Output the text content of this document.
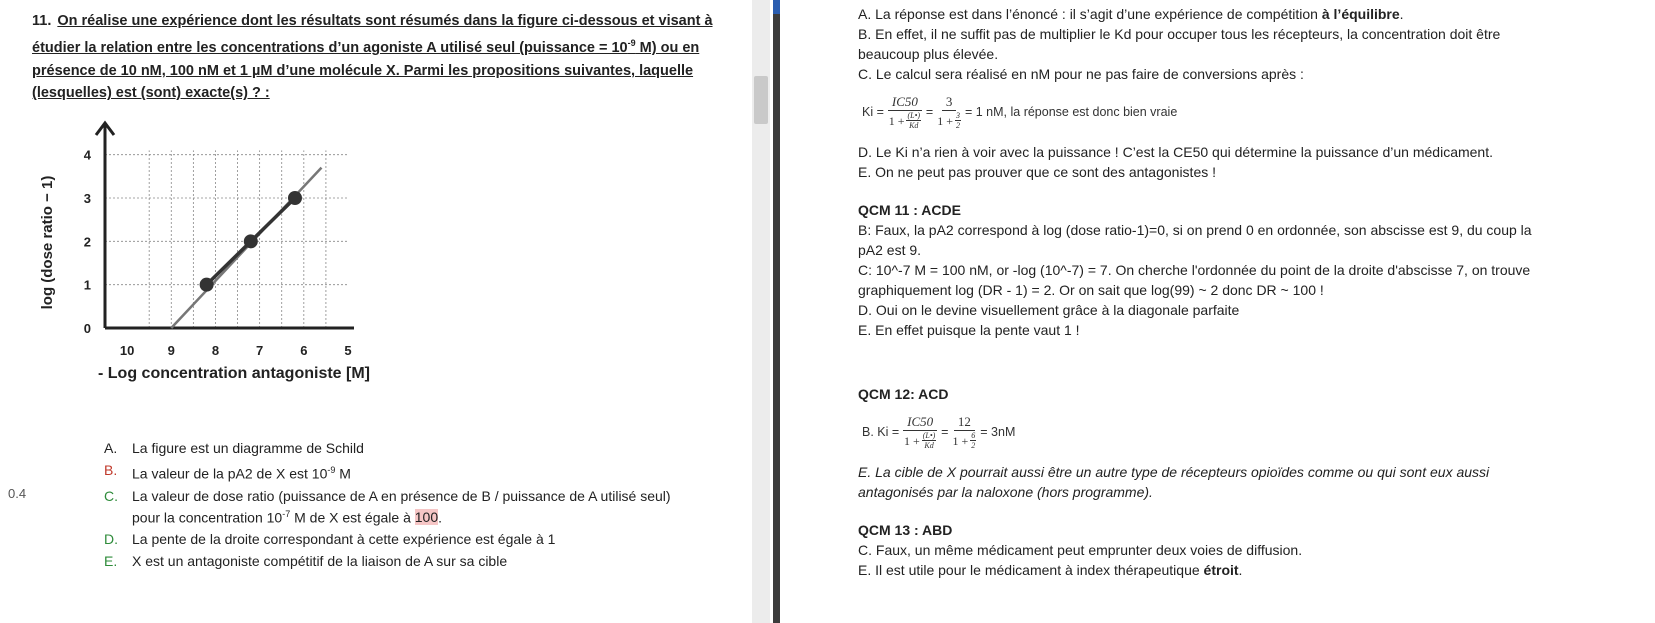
11. On réalise une expérience dont les résultats sont résumés dans la figure ci-dessous et visant à
étudier la relation entre les concentrations d’un agoniste A utilisé seul (puissance = $10^{-9}$ M) ou en
présence de 10 nM, 100 nM et 1 µM d’une molécule X. Parmi les propositions suivantes, laquelle
(lesquelles) est (sont) exacte(s) ? :
0
1
2
3
4
10	9	8	7	6	5
log (dose ratio − 1)
- Log concentration antagoniste [M]
0.4
A.	La figure est un diagramme de Schild
B.	La valeur de la pA2 de X est $10^{-9}$ M
C.	La valeur de dose ratio (puissance de A en présence de B / puissance de A utilisé seul)
pour la concentration $10^{-7}$ M de X est égale à 100.
D.	La pente de la droite correspondant à cette expérience est égale à 1
E.	X est un antagoniste compétitif de la liaison de A sur sa cible

A. La réponse est dans l’énoncé : il s’agit d’une expérience de compétition à l’équilibre.

B. En effet, il ne suffit pas de multiplier le Kd pour occuper tous les récepteurs, la concentration doit être

beaucoup plus élevée.

C. Le calcul sera réalisé en nM pour ne pas faire de conversions après :

$Ki = \frac{IC50}{1 + \frac{(L•)}{Kd}} = \frac{3}{1 + \frac{3}{2}} = 1$ nM, la réponse est donc bien vraie

D. Le Ki n’a rien à voir avec la puissance ! C’est la CE50 qui détermine la puissance d’un médicament.

E. On ne peut pas prouver que ce sont des antagonistes !

QCM 11 : ACDE

B: Faux, la pA2 correspond à log (dose ratio-1)=0, si on prend 0 en ordonnée, son abscisse est 9, du coup la

pA2 est 9.

C: 10^-7 M = 100 nM, or -log (10^-7) = 7. On cherche l'ordonnée du point de la droite d'abscisse 7, on trouve

graphiquement log (DR - 1) = 2. Or on sait que log(99) ~ 2 donc DR ~ 100 !

D. Oui on le devine visuellement grâce à la diagonale parfaite

E. En effet puisque la pente vaut 1 !

QCM 12: ACD

B. $Ki = \frac{IC50}{1 + \frac{(L•)}{Kd}} = \frac{12}{1 + \frac{6}{2}} = 3nM$

E. La cible de X pourrait aussi être un autre type de récepteurs opioïdes comme ou qui sont eux aussi

antagonisés par la naloxone (hors programme).

QCM 13 : ABD

C. Faux, un même médicament peut emprunter deux voies de diffusion.

E. Il est utile pour le médicament à index thérapeutique étroit.
